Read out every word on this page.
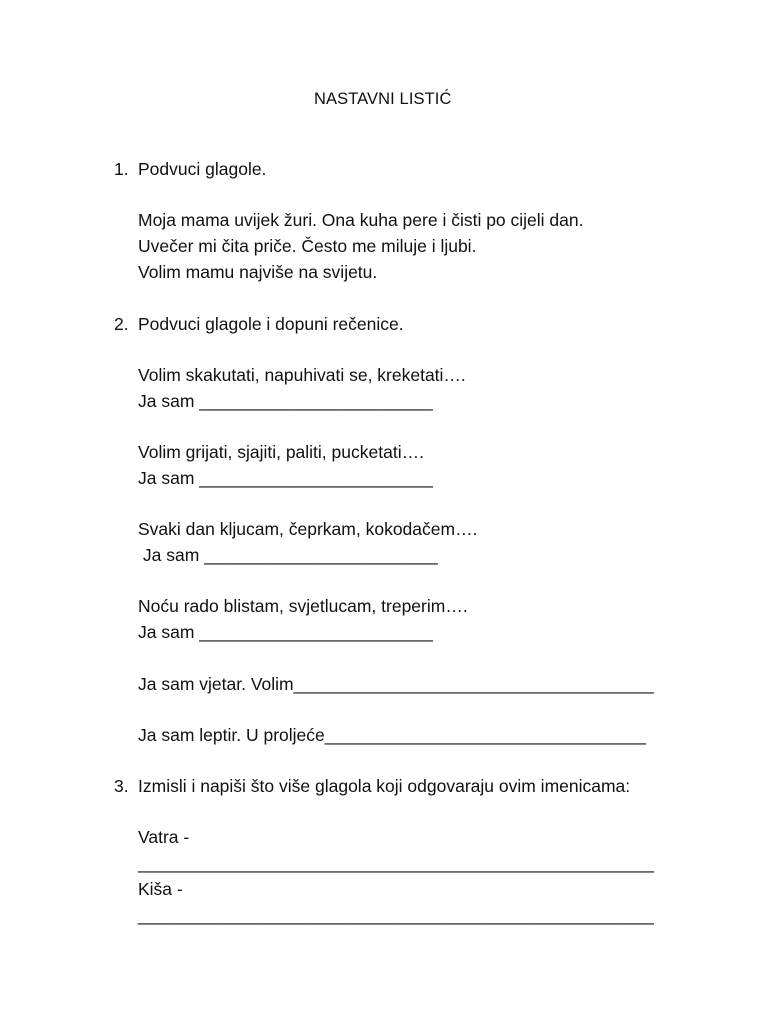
NASTAVNI LISTIĆ
1. Podvuci glagole.
Moja mama uvijek žuri. Ona kuha pere i čisti po cijeli dan.
Uvečer mi čita priče. Često me miluje i ljubi.
Volim mamu najviše na svijetu.
2. Podvuci glagole i dopuni rečenice.
Volim skakutati, napuhivati se, kreketati….
Ja sam ________________________
Volim grijati, sjajiti, paliti, pucketati….
Ja sam ________________________
Svaki dan kljucam, čeprkam, kokodačem….
Ja sam ________________________
Noću rado blistam, svjetlucam, treperim….
Ja sam ________________________
Ja sam vjetar. Volim_____________________________________
Ja sam leptir. U proljeće_________________________________
3. Izmisli i napiši što više glagola koji odgovaraju ovim imenicama:
Vatra -
_____________________________________________________
Kiša -
_____________________________________________________
